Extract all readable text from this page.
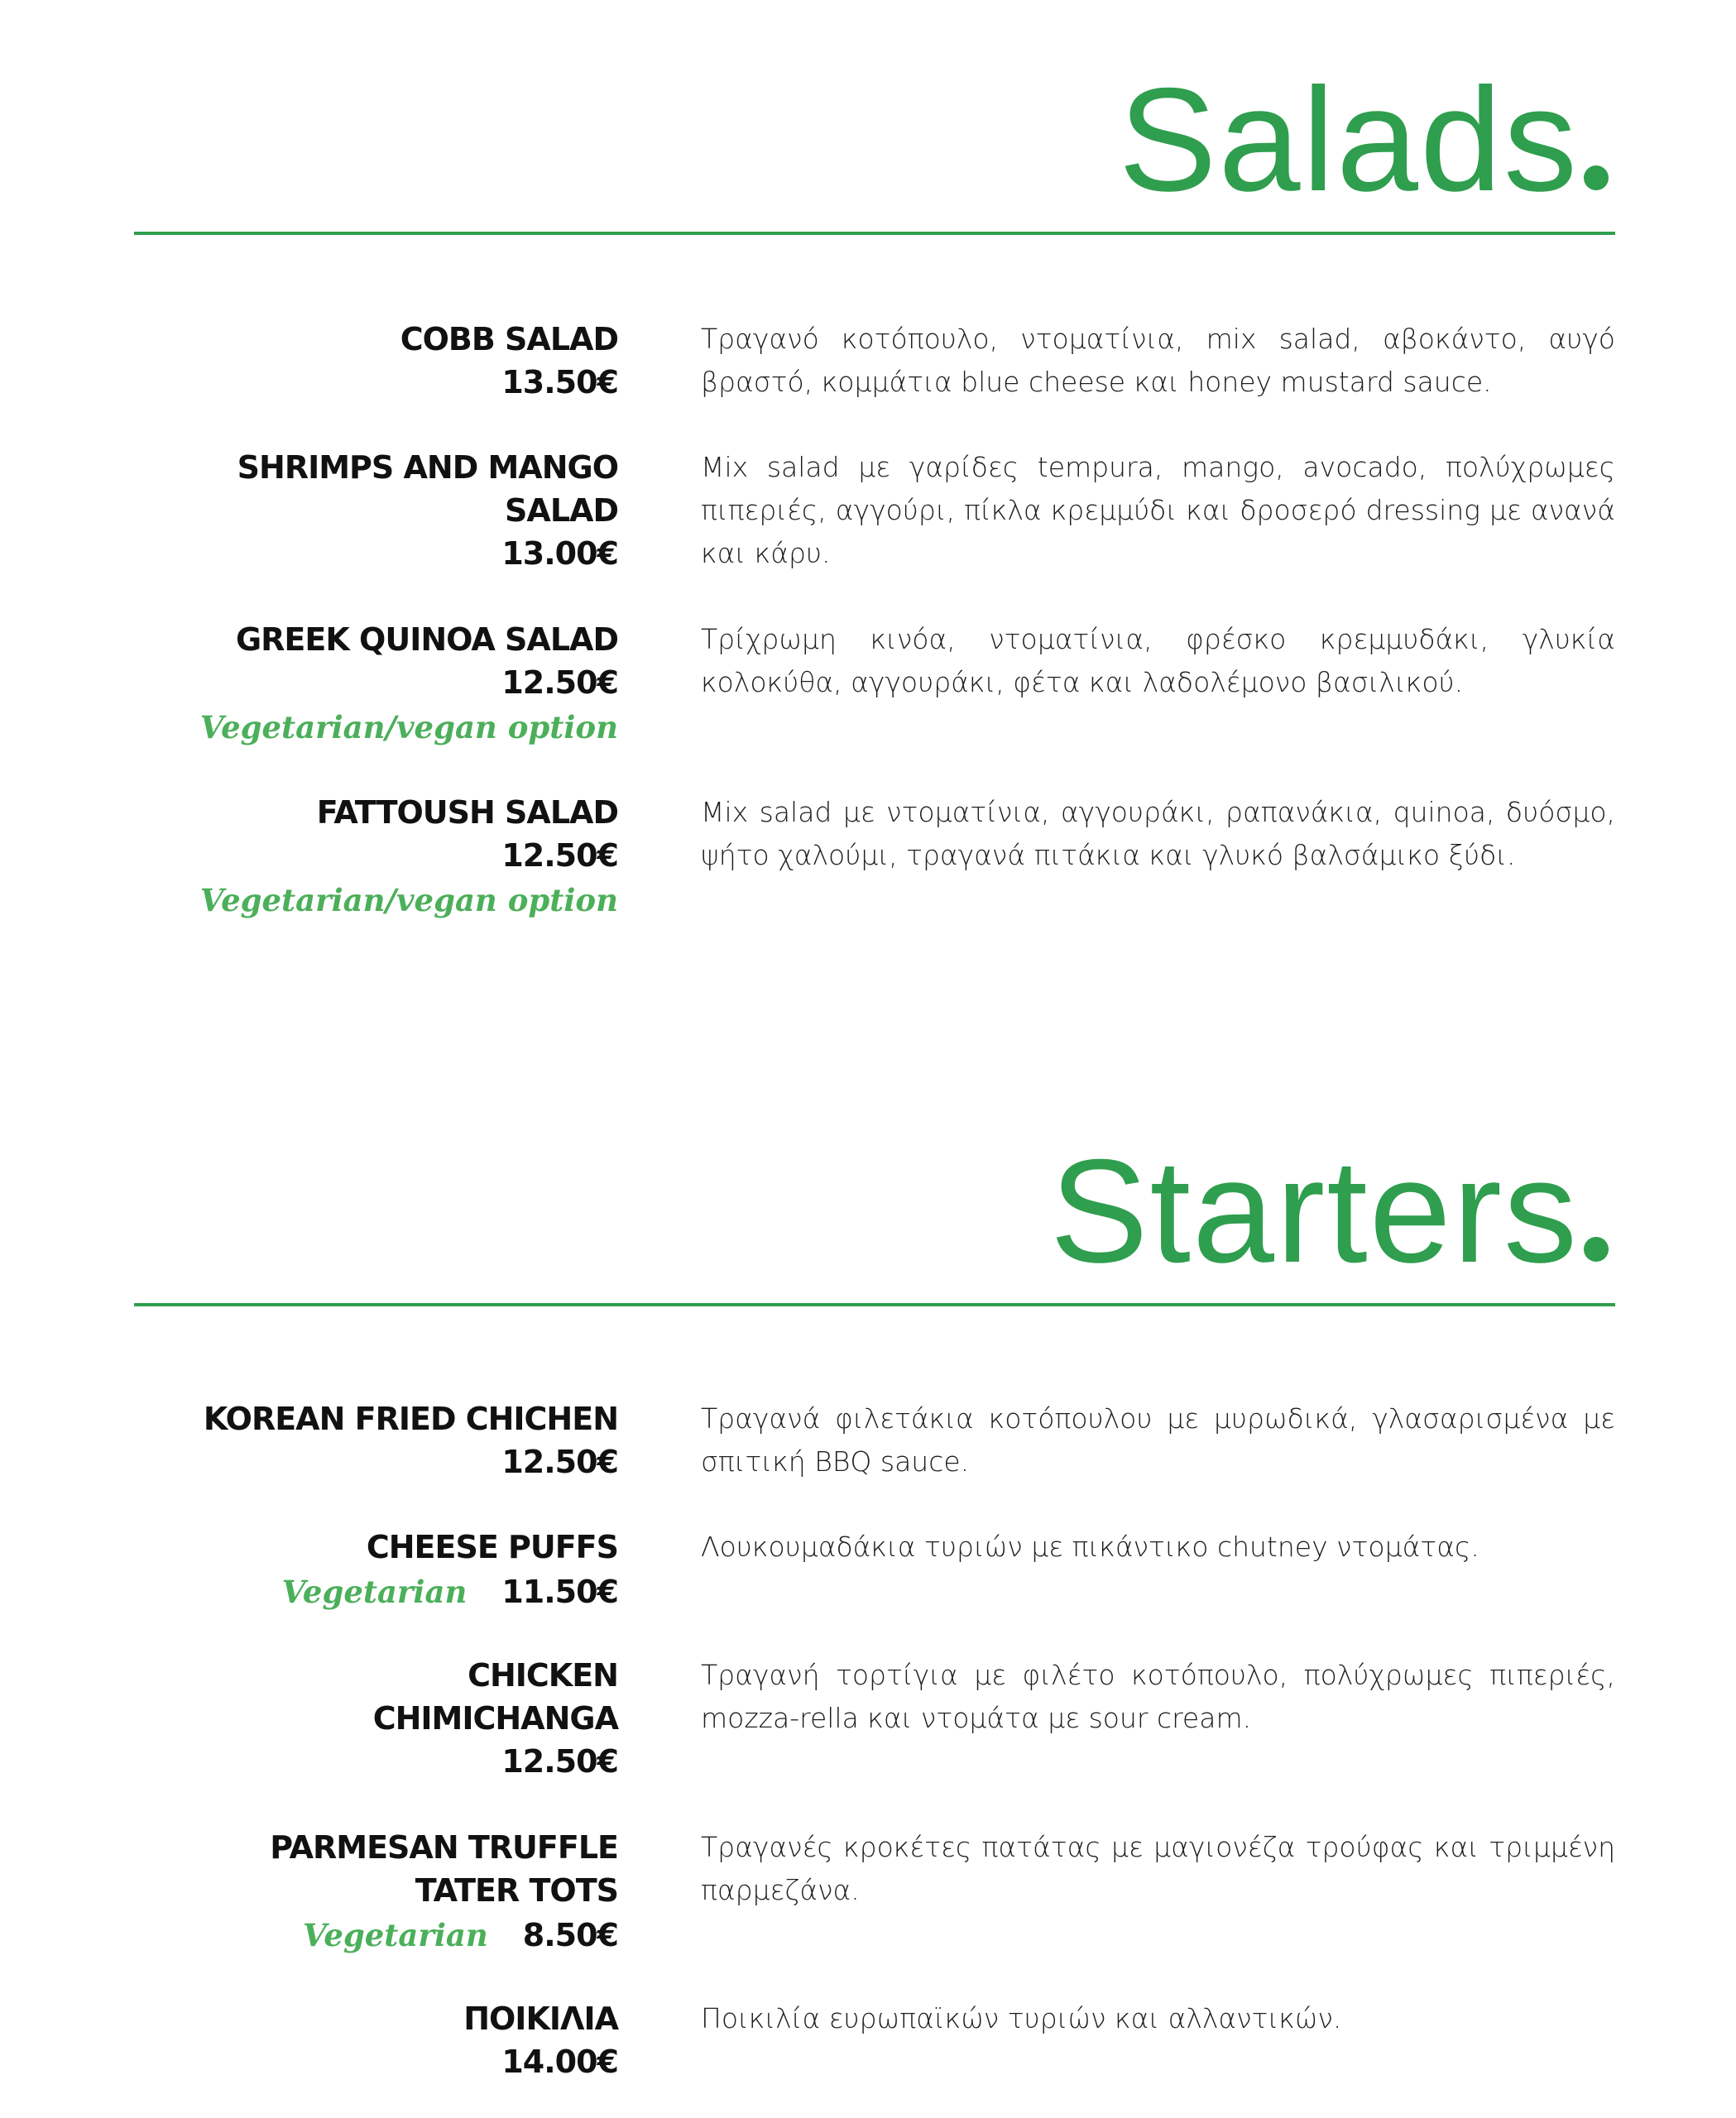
Salads
COBB SALAD
13.50€
Τραγανό κοτόπουλο, ντοματίνια, mix salad, αβοκάντο, αυγό βραστό, κομμάτια blue cheese και honey mustard sauce.
SHRIMPS AND MANGO
SALAD
13.00€
Mix salad με γαρίδες tempura, mango, avocado, πολύχρωμες πιπεριές, αγγούρι, πίκλα κρεμμύδι και δροσερό dressing με ανανά και κάρυ.
GREEK QUINOA SALAD
12.50€
Vegetarian/vegan option
Τρίχρωμη κινόα, ντοματίνια, φρέσκο κρεμμυδάκι, γλυκία κολοκύθα, αγγουράκι, φέτα και λαδολέμονο βασιλικού.
FATTOUSH SALAD
12.50€
Vegetarian/vegan option
Mix salad με ντοματίνια, αγγουράκι, ραπανάκια, quinoa, δυόσμο, ψήτο χαλούμι, τραγανά πιτάκια και γλυκό βαλσάμικο ξύδι.
Starters
KOREAN FRIED CHICHEN
12.50€
Τραγανά φιλετάκια κοτόπουλου με μυρωδικά, γλασαρισμένα με σπιτική BBQ sauce.
CHEESE PUFFS
Vegetarian 11.50€
Λουκουμαδάκια τυριών με πικάντικο chutney ντομάτας.
CHICKEN
CHIMICHANGA
12.50€
Τραγανή τορτίγια με φιλέτο κοτόπουλο, πολύχρωμες πιπεριές, mozza-rella και ντομάτα με sour cream.
PARMESAN TRUFFLE
TATER TOTS
Vegetarian 8.50€
Τραγανές κροκέτες πατάτας με μαγιονέζα τρούφας και τριμμένη παρμεζάνα.
ΠΟΙΚΙΛΙΑ
14.00€
Ποικιλία ευρωπαϊκών τυριών και αλλαντικών.
